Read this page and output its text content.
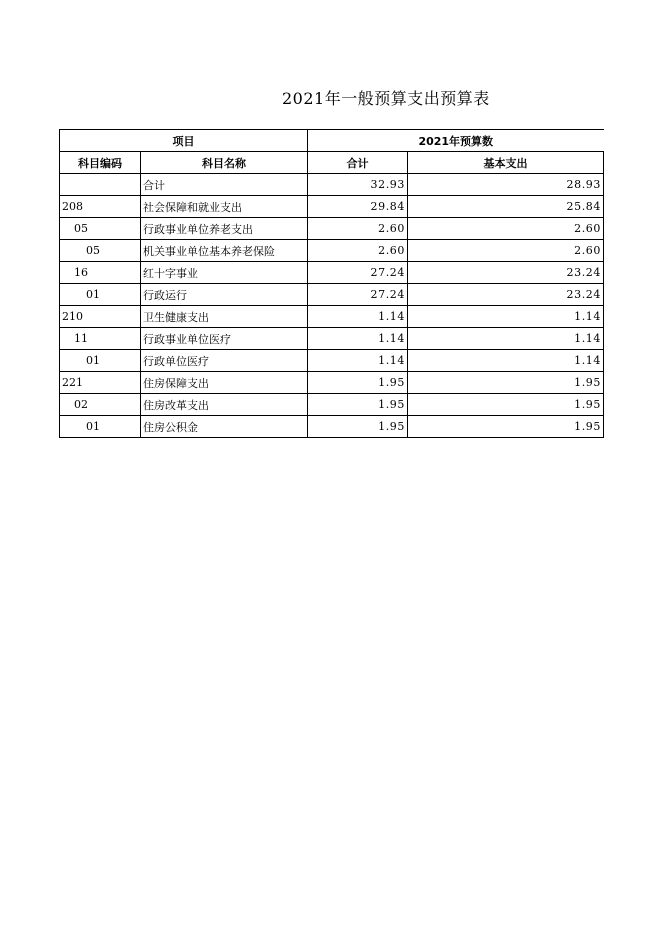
2021年一般预算支出预算表
项目		2021年预算数	
科目编码	科目名称	合计	基本支出
	合计	32.93	28.93
208	社会保障和就业支出	29.84	25.84
05	行政事业单位养老支出	2.60	2.60
05	机关事业单位基本养老保险	2.60	2.60
16	红十字事业	27.24	23.24
01	行政运行	27.24	23.24
210	卫生健康支出	1.14	1.14
11	行政事业单位医疗	1.14	1.14
01	行政单位医疗	1.14	1.14
221	住房保障支出	1.95	1.95
02	住房改革支出	1.95	1.95
01	住房公积金	1.95	1.95
